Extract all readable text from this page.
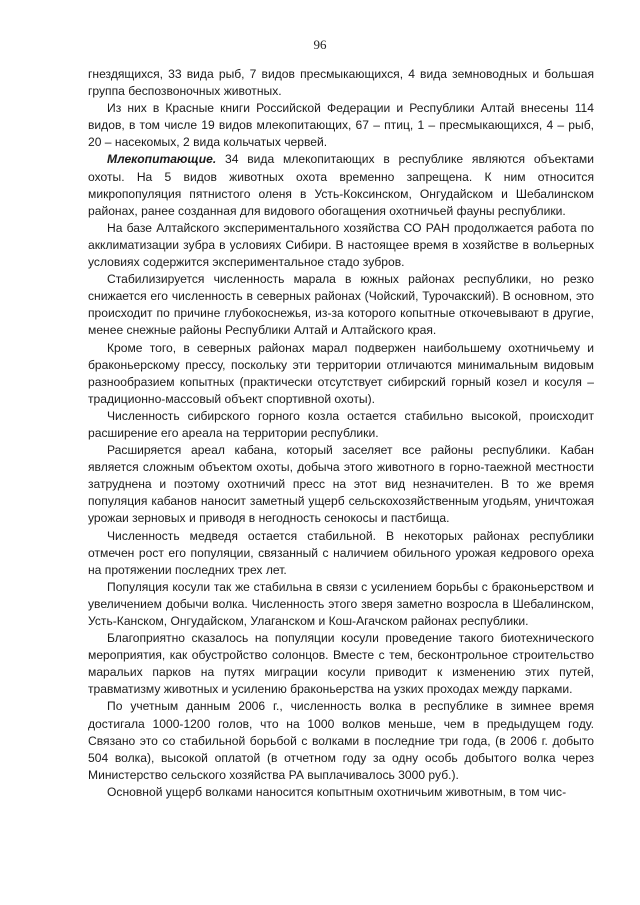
96

гнездящихся, 33 вида рыб, 7 видов пресмыкающихся, 4 вида земноводных и большая группа беспозвоночных животных.

Из них в Красные книги Российской Федерации и Республики Алтай внесены 114 видов, в том числе 19 видов млекопитающих, 67 – птиц, 1 – пресмыкающихся, 4 – рыб, 20 – насекомых, 2 вида кольчатых червей.

Млекопитающие. 34 вида млекопитающих в республике являются объектами охоты. На 5 видов животных охота временно запрещена. К ним относится микропопуляция пятнистого оленя в Усть-Коксинском, Онгудайском и Шебалинском районах, ранее созданная для видового обогащения охотничьей фауны республики.

На базе Алтайского экспериментального хозяйства СО РАН продолжается работа по акклиматизации зубра в условиях Сибири. В настоящее время в хозяйстве в вольерных условиях содержится экспериментальное стадо зубров.

Стабилизируется численность марала в южных районах республики, но резко снижается его численность в северных районах (Чойский, Турочакский). В основном, это происходит по причине глубокоснежья, из-за которого копытные откочевывают в другие, менее снежные районы Республики Алтай и Алтайского края.

Кроме того, в северных районах марал подвержен наибольшему охотничьему и браконьерскому прессу, поскольку эти территории отличаются минимальным видовым разнообразием копытных (практически отсутствует сибирский горный козел и косуля – традиционно-массовый объект спортивной охоты).

Численность сибирского горного козла остается стабильно высокой, происходит расширение его ареала на территории республики.

Расширяется ареал кабана, который заселяет все районы республики. Кабан является сложным объектом охоты, добыча этого животного в горно-таежной местности затруднена и поэтому охотничий пресс на этот вид незначителен. В то же время популяция кабанов наносит заметный ущерб сельскохозяйственным угодьям, уничтожая урожаи зерновых и приводя в негодность сенокосы и пастбища.

Численность медведя остается стабильной. В некоторых районах республики отмечен рост его популяции, связанный с наличием обильного урожая кедрового ореха на протяжении последних трех лет.

Популяция косули так же стабильна в связи с усилением борьбы с браконьерством и увеличением добычи волка. Численность этого зверя заметно возросла в Шебалинском, Усть-Канском, Онгудайском, Улаганском и Кош-Агачском районах республики.

Благоприятно сказалось на популяции косули проведение такого биотехнического мероприятия, как обустройство солонцов. Вместе с тем, бесконтрольное строительство маральих парков на путях миграции косули приводит к изменению этих путей, травматизму животных и усилению браконьерства на узких проходах между парками.

По учетным данным 2006 г., численность волка в республике в зимнее время достигала 1000-1200 голов, что на 1000 волков меньше, чем в предыдущем году. Связано это со стабильной борьбой с волками в последние три года, (в 2006 г. добыто 504 волка), высокой оплатой (в отчетном году за одну особь добытого волка через Министерство сельского хозяйства РА выплачивалось 3000 руб.).

Основной ущерб волками наносится копытным охотничьим животным, в том чис-
